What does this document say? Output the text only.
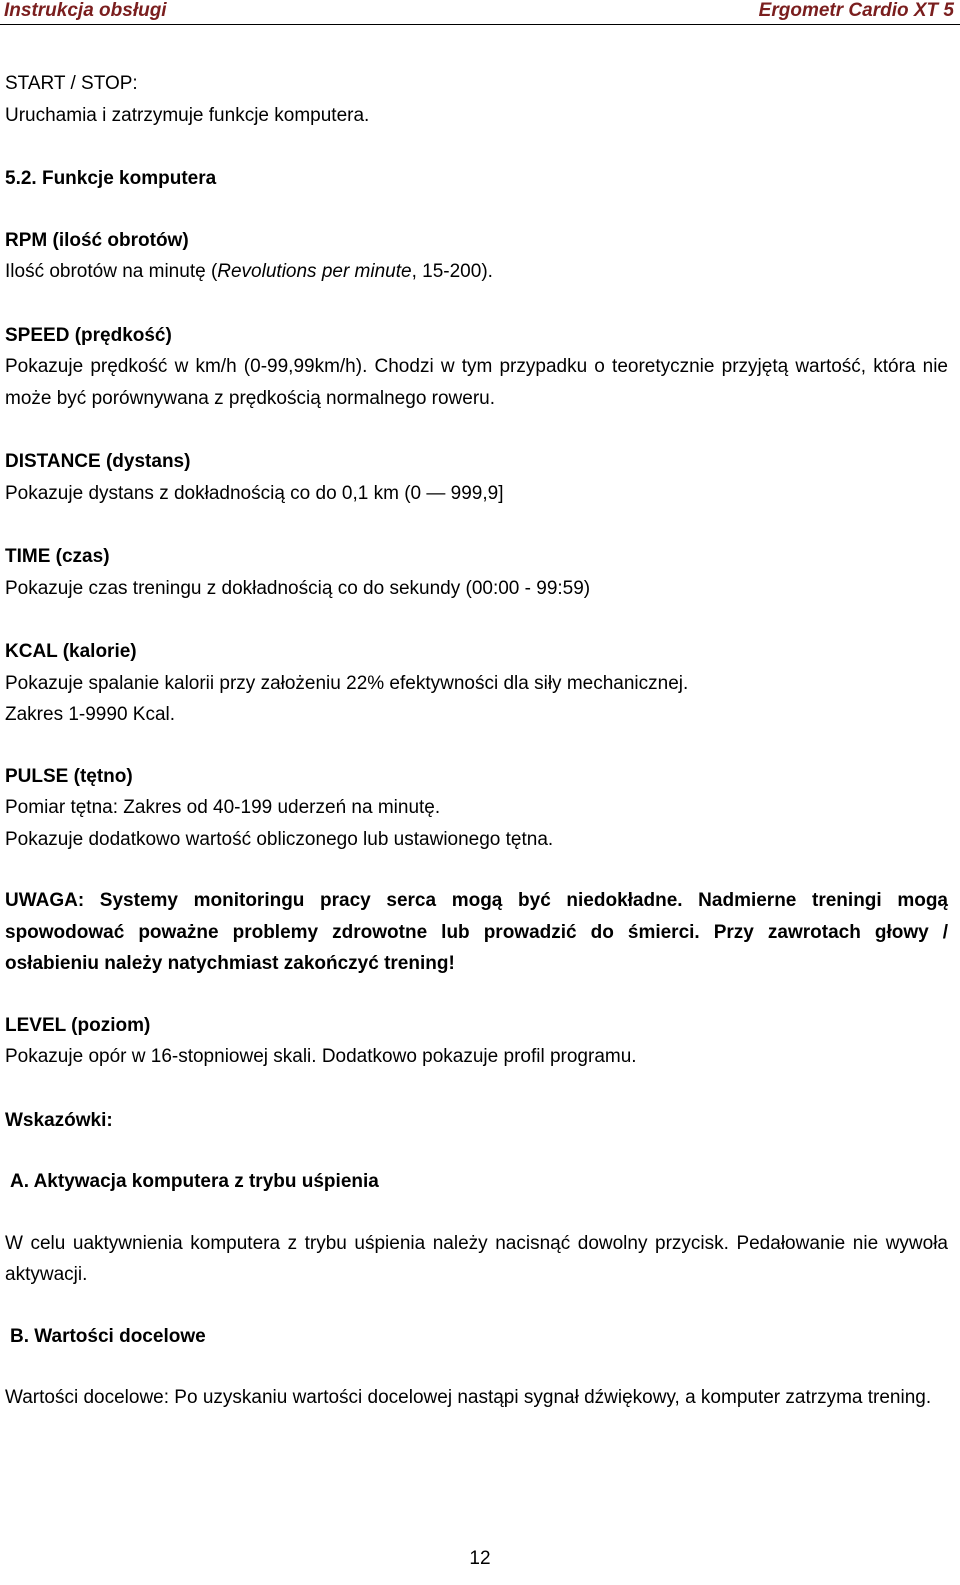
Instrukcja obsługi	Ergometr Cardio XT 5

START / STOP:

Uruchamia i zatrzymuje funkcje komputera.

5.2. Funkcje komputera

RPM (ilość obrotów)

Ilość obrotów na minutę (Revolutions per minute, 15-200).

SPEED (prędkość)

Pokazuje prędkość w km/h (0-99,99km/h). Chodzi w tym przypadku o teoretycznie przyjętą wartość, która nie może być porównywana z prędkością normalnego roweru.

DISTANCE (dystans)

Pokazuje dystans z dokładnością co do 0,1 km (0 — 999,9]

TIME (czas)

Pokazuje czas treningu z dokładnością co do sekundy (00:00 - 99:59)

KCAL (kalorie)

Pokazuje spalanie kalorii przy założeniu 22% efektywności dla siły mechanicznej.

Zakres 1-9990 Kcal.

PULSE (tętno)

Pomiar tętna: Zakres od 40-199 uderzeń na minutę.

Pokazuje dodatkowo wartość obliczonego lub ustawionego tętna.

UWAGA: Systemy monitoringu pracy serca mogą być niedokładne. Nadmierne treningi mogą spowodować poważne problemy zdrowotne lub prowadzić do śmierci. Przy zawrotach głowy / osłabieniu należy natychmiast zakończyć trening!

LEVEL (poziom)

Pokazuje opór w 16-stopniowej skali. Dodatkowo pokazuje profil programu.

Wskazówki:

A. Aktywacja komputera z trybu uśpienia

W celu uaktywnienia komputera z trybu uśpienia należy nacisnąć dowolny przycisk. Pedałowanie nie wywoła aktywacji.

B. Wartości docelowe

Wartości docelowe: Po uzyskaniu wartości docelowej nastąpi sygnał dźwiękowy, a komputer zatrzyma trening.

12
